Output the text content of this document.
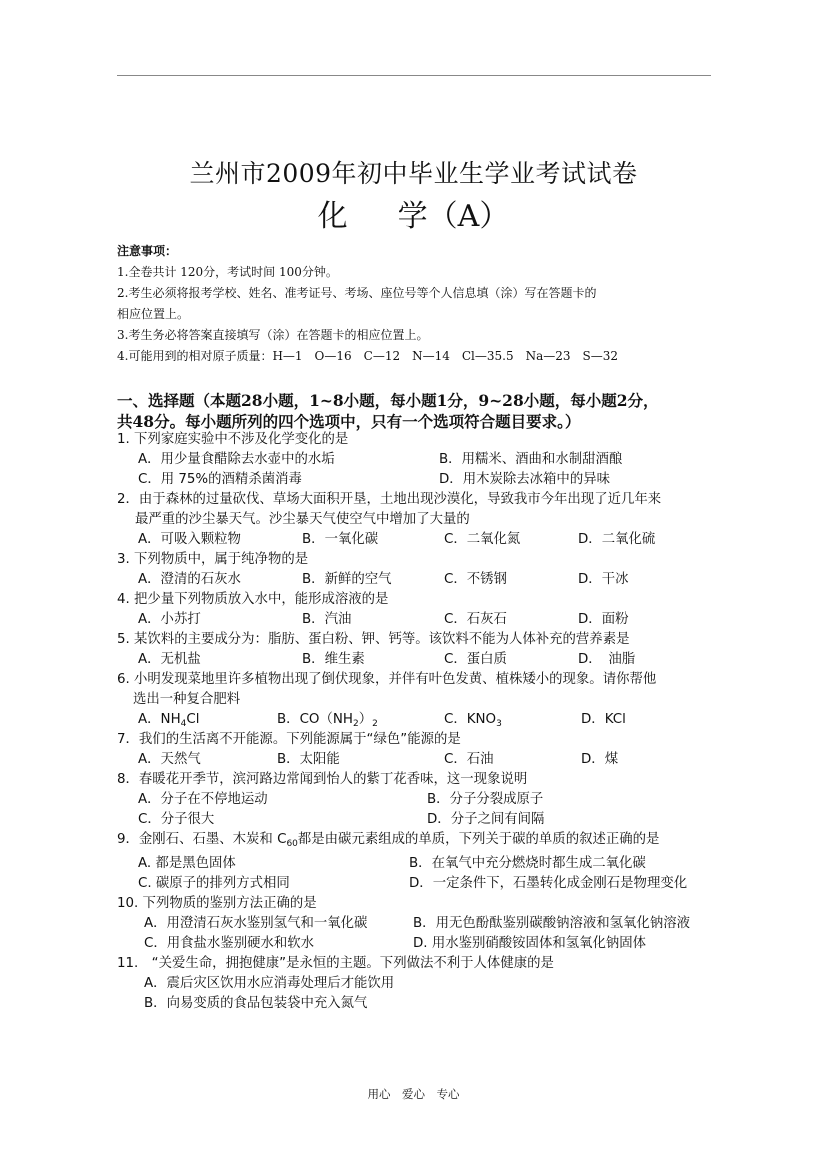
兰州市2009年初中毕业生学业考试试卷
化 学（A）
注意事项：
1.全卷共计 120分，考试时间 100分钟。
2.考生必须将报考学校、姓名、准考证号、考场、座位号等个人信息填（涂）写在答题卡的
相应位置上。
3.考生务必将答案直接填写（涂）在答题卡的相应位置上。
4.可能用到的相对原子质量：H—1　O—16　C—12　N—14　Cl—35.5　Na—23　S—32
一、选择题（本题28小题，1~8小题，每小题1分，9~28小题，每小题2分，
共48分。每小题所列的四个选项中，只有一个选项符合题目要求。）
1. 下列家庭实验中不涉及化学变化的是
A．用少量食醋除去水壶中的水垢	B．用糯米、酒曲和水制甜酒酿
C．用 75%的酒精杀菌消毒	D．用木炭除去冰箱中的异味
2．由于森林的过量砍伐、草场大面积开垦，土地出现沙漠化，导致我市今年出现了近几年来
最严重的沙尘暴天气。沙尘暴天气使空气中增加了大量的
A．可吸入颗粒物	B．一氧化碳	C．二氧化氮	D．二氧化硫
3. 下列物质中，属于纯净物的是
A．澄清的石灰水	B．新鲜的空气	C．不锈钢	D．干冰
4. 把少量下列物质放入水中，能形成溶液的是
A．小苏打	B．汽油	C．石灰石	D．面粉
5. 某饮料的主要成分为：脂肪、蛋白粉、钾、钙等。该饮料不能为人体补充的营养素是
A．无机盐	B．维生素	C．蛋白质	D．　油脂
6. 小明发现菜地里许多植物出现了倒伏现象，并伴有叶色发黄、植株矮小的现象。请你帮他
选出一种复合肥料
A．$NH_4Cl$	B．$CO(NH_2)_2$	C．$KNO_3$	D．KCl
7．我们的生活离不开能源。下列能源属于“绿色”能源的是
A．天然气	B．太阳能	C．石油	D．煤
8．春暖花开季节，滨河路边常闻到怡人的紫丁花香味，这一现象说明
A．分子在不停地运动	B．分子分裂成原子
C．分子很大	D．分子之间有间隔
9．金刚石、石墨、木炭和 $C_{60}$都是由碳元素组成的单质，下列关于碳的单质的叙述正确的是
A. 都是黑色固体	B．在氧气中充分燃烧时都生成二氧化碳
C. 碳原子的排列方式相同	D．一定条件下，石墨转化成金刚石是物理变化
10. 下列物质的鉴别方法正确的是
A．用澄清石灰水鉴别氢气和一氧化碳	B．用无色酚酞鉴别碳酸钠溶液和氢氧化钠溶液
C．用食盐水鉴别硬水和软水	D. 用水鉴别硝酸铵固体和氢氧化钠固体
11.　“关爱生命，拥抱健康”是永恒的主题。下列做法不利于人体健康的是
A．震后灾区饮用水应消毒处理后才能饮用
B．向易变质的食品包装袋中充入氮气
用心　爱心　专心
